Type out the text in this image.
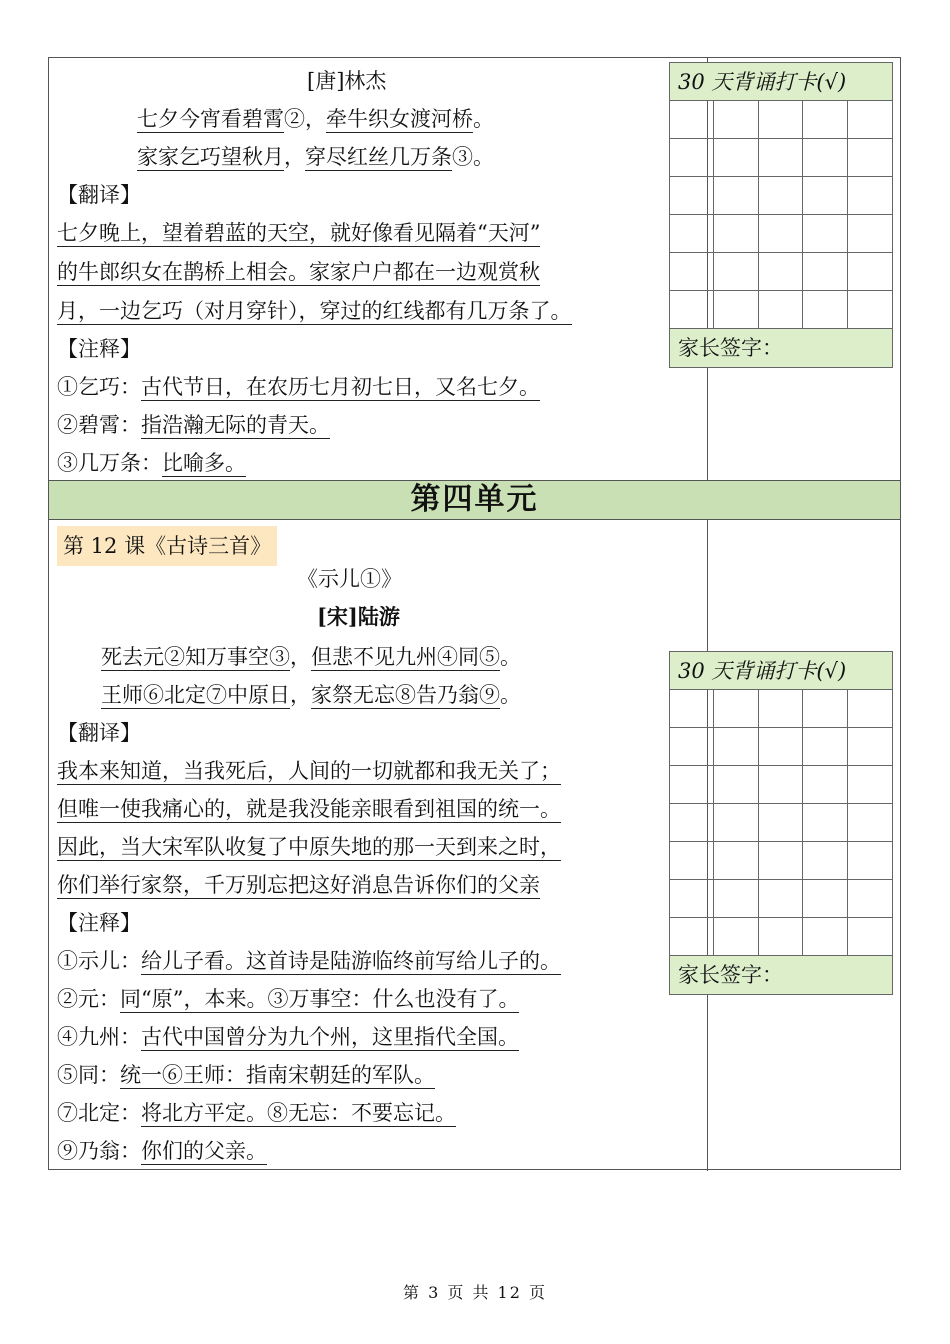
[唐]林杰
七夕今宵看碧霄②，牵牛织女渡河桥。
家家乞巧望秋月，穿尽红丝几万条③。
【翻译】
七夕晚上，望着碧蓝的天空，就好像看见隔着“天河”
的牛郎织女在鹊桥上相会。家家户户都在一边观赏秋
月，一边乞巧（对月穿针），穿过的红线都有几万条了。
【注释】
①乞巧：古代节日，在农历七月初七日，又名七夕。
②碧霄：指浩瀚无际的青天。
③几万条：比喻多。
30 天背诵打卡(√)
家长签字：
第四单元
第 12 课《古诗三首》
《示儿①》
[宋]陆游
死去元②知万事空③，但悲不见九州④同⑤。
王师⑥北定⑦中原日，家祭无忘⑧告乃翁⑨。
【翻译】
我本来知道，当我死后，人间的一切就都和我无关了；
但唯一使我痛心的，就是我没能亲眼看到祖国的统一。
因此，当大宋军队收复了中原失地的那一天到来之时，
你们举行家祭，千万别忘把这好消息告诉你们的父亲
【注释】
①示儿：给儿子看。这首诗是陆游临终前写给儿子的。
②元：同“原”，本来。③万事空：什么也没有了。
④九州：古代中国曾分为九个州，这里指代全国。
⑤同：统一⑥王师：指南宋朝廷的军队。
⑦北定：将北方平定。⑧无忘：不要忘记。
⑨乃翁：你们的父亲。
30 天背诵打卡(√)
家长签字：
第 3 页 共 12 页
